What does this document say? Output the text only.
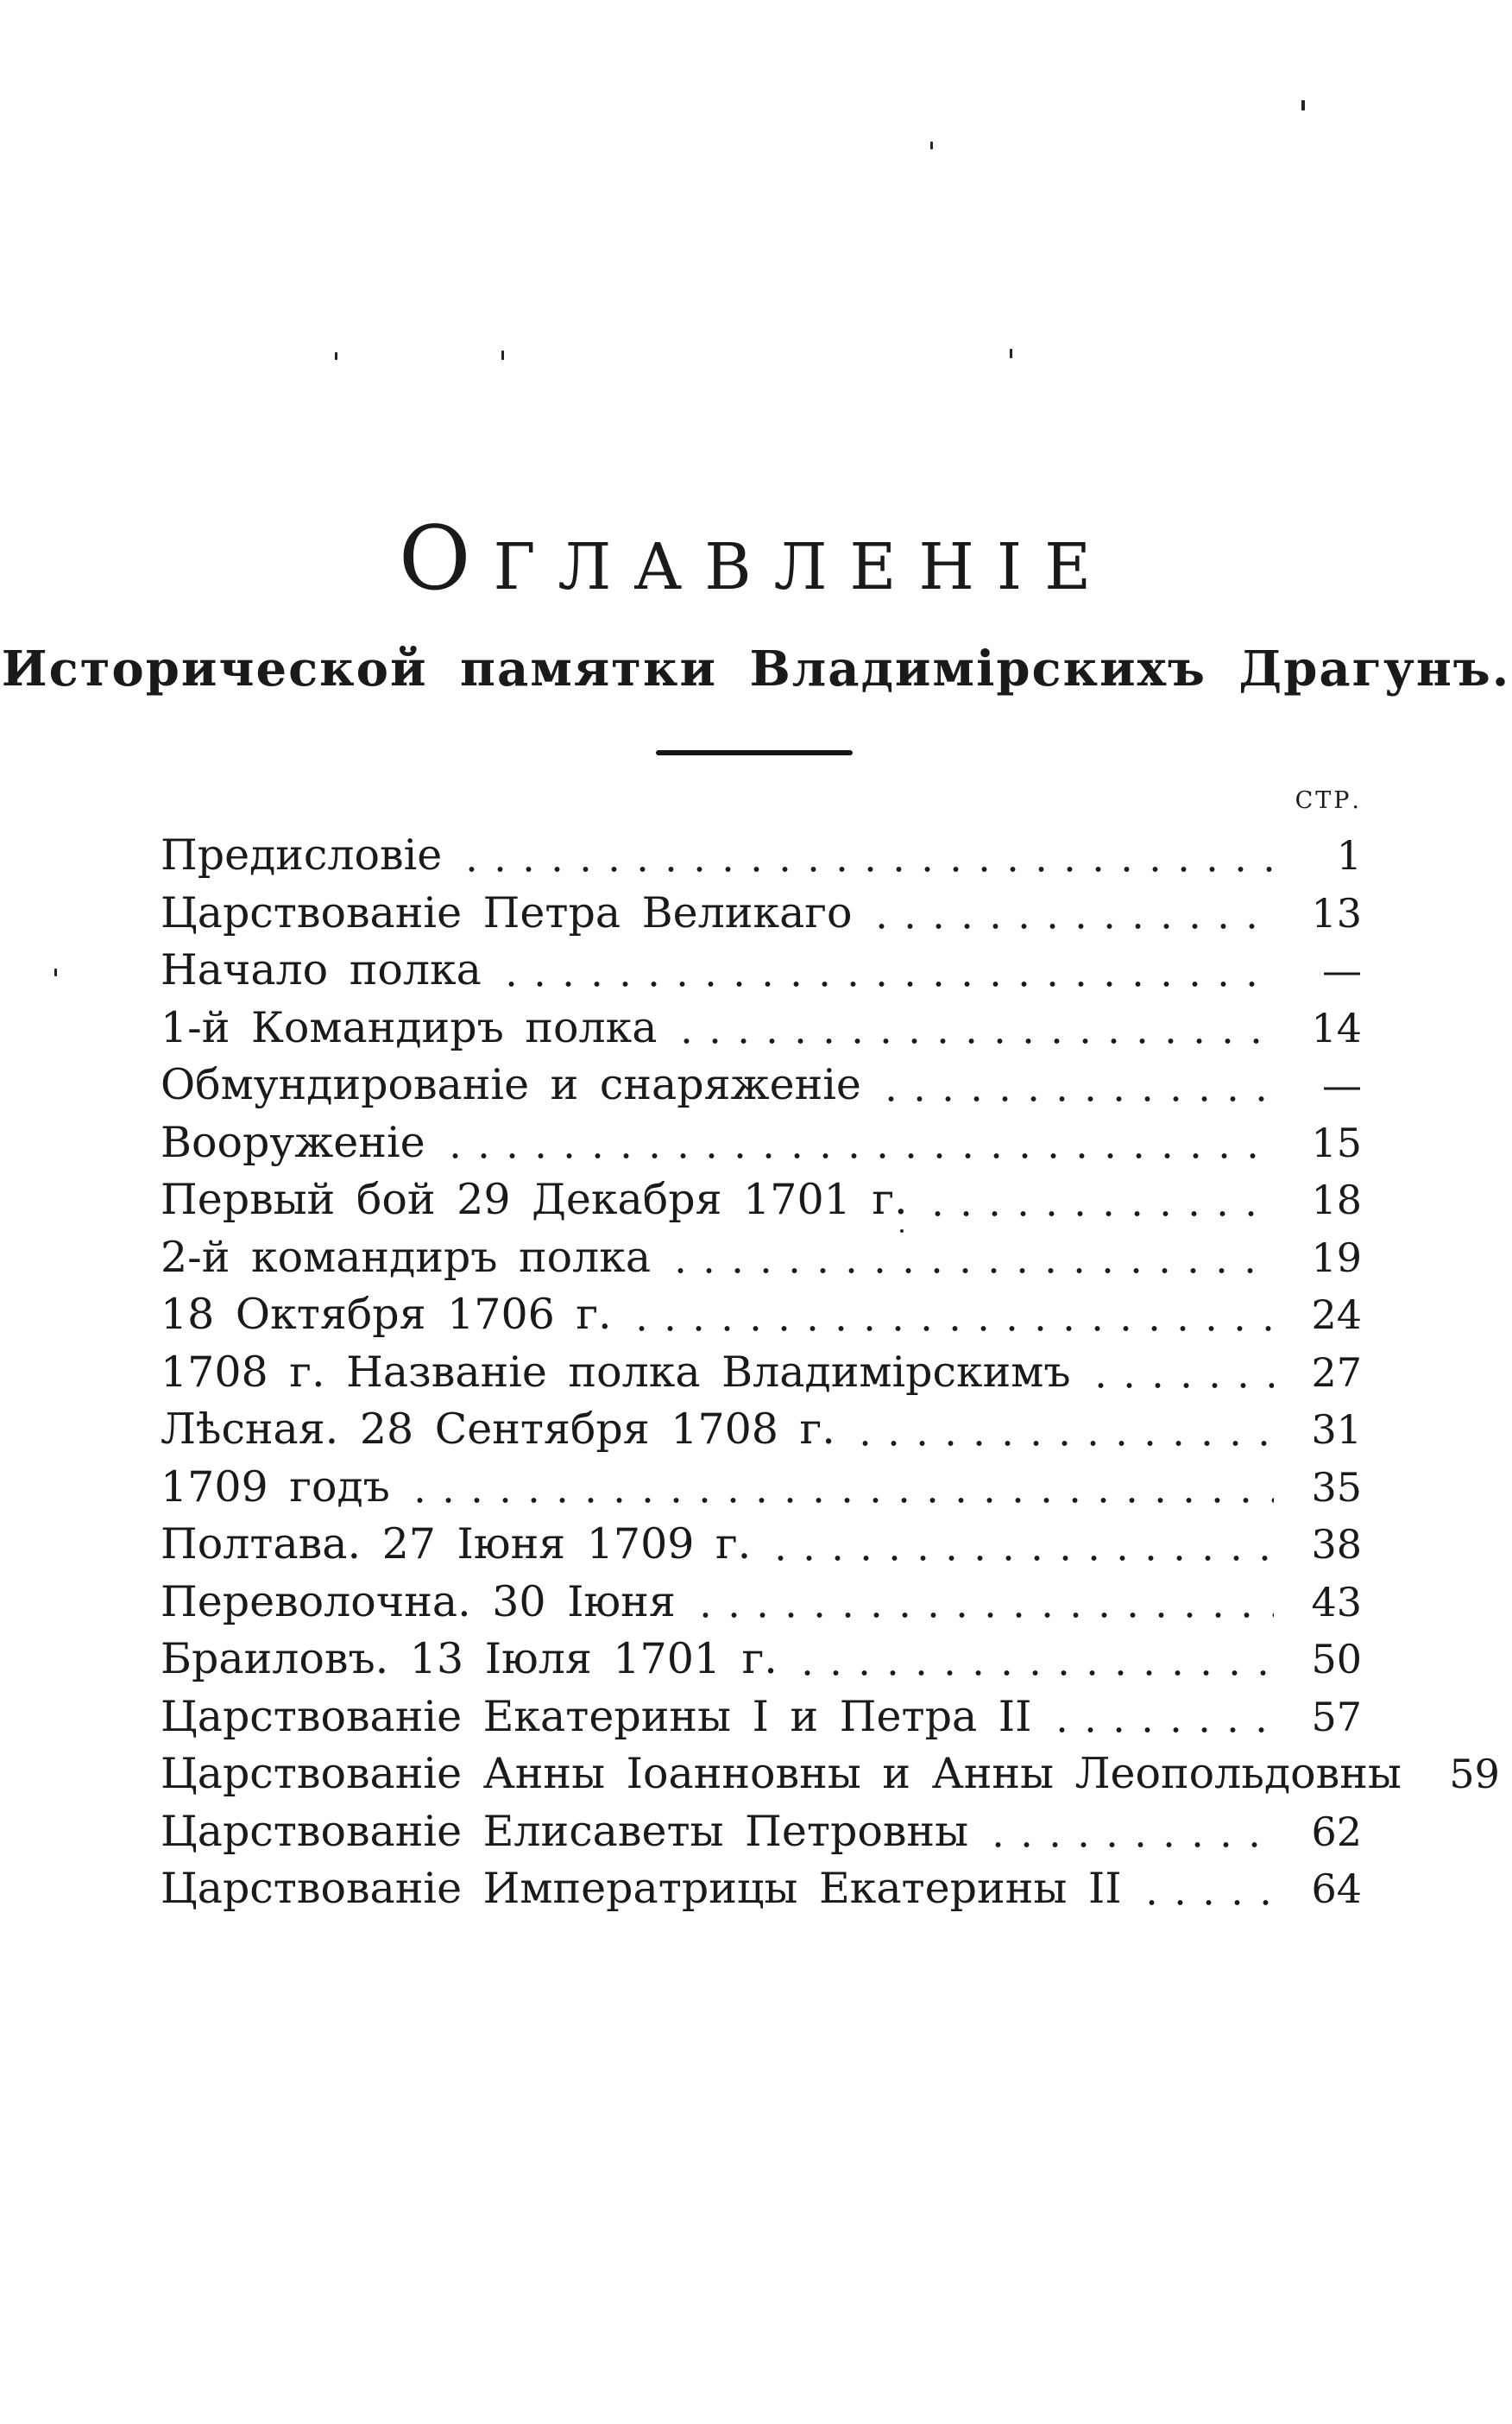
ОГЛАВЛЕНІЕ
Исторической памятки Владимірскихъ Драгунъ.
СТР.
Предисловіе	1
Царствованіе Петра Великаго	13
Начало полка	—
1-й Командиръ полка	14
Обмундированіе и снаряженіе	—
Вооруженіе	15
Первый бой 29 Декабря 1701 г.	18
2-й командиръ полка	19
18 Октября 1706 г.	24
1708 г. Названіе полка Владимірскимъ	27
Лѣсная. 28 Сентября 1708 г.	31
1709 годъ	35
Полтава. 27 Іюня 1709 г.	38
Переволочна. 30 Іюня	43
Браиловъ. 13 Іюля 1701 г.	50
Царствованіе Екатерины I и Петра II	57
Царствованіе Анны Іоанновны и Анны Леопольдовны	59
Царствованіе Елисаветы Петровны	62
Царствованіе Императрицы Екатерины II	64
